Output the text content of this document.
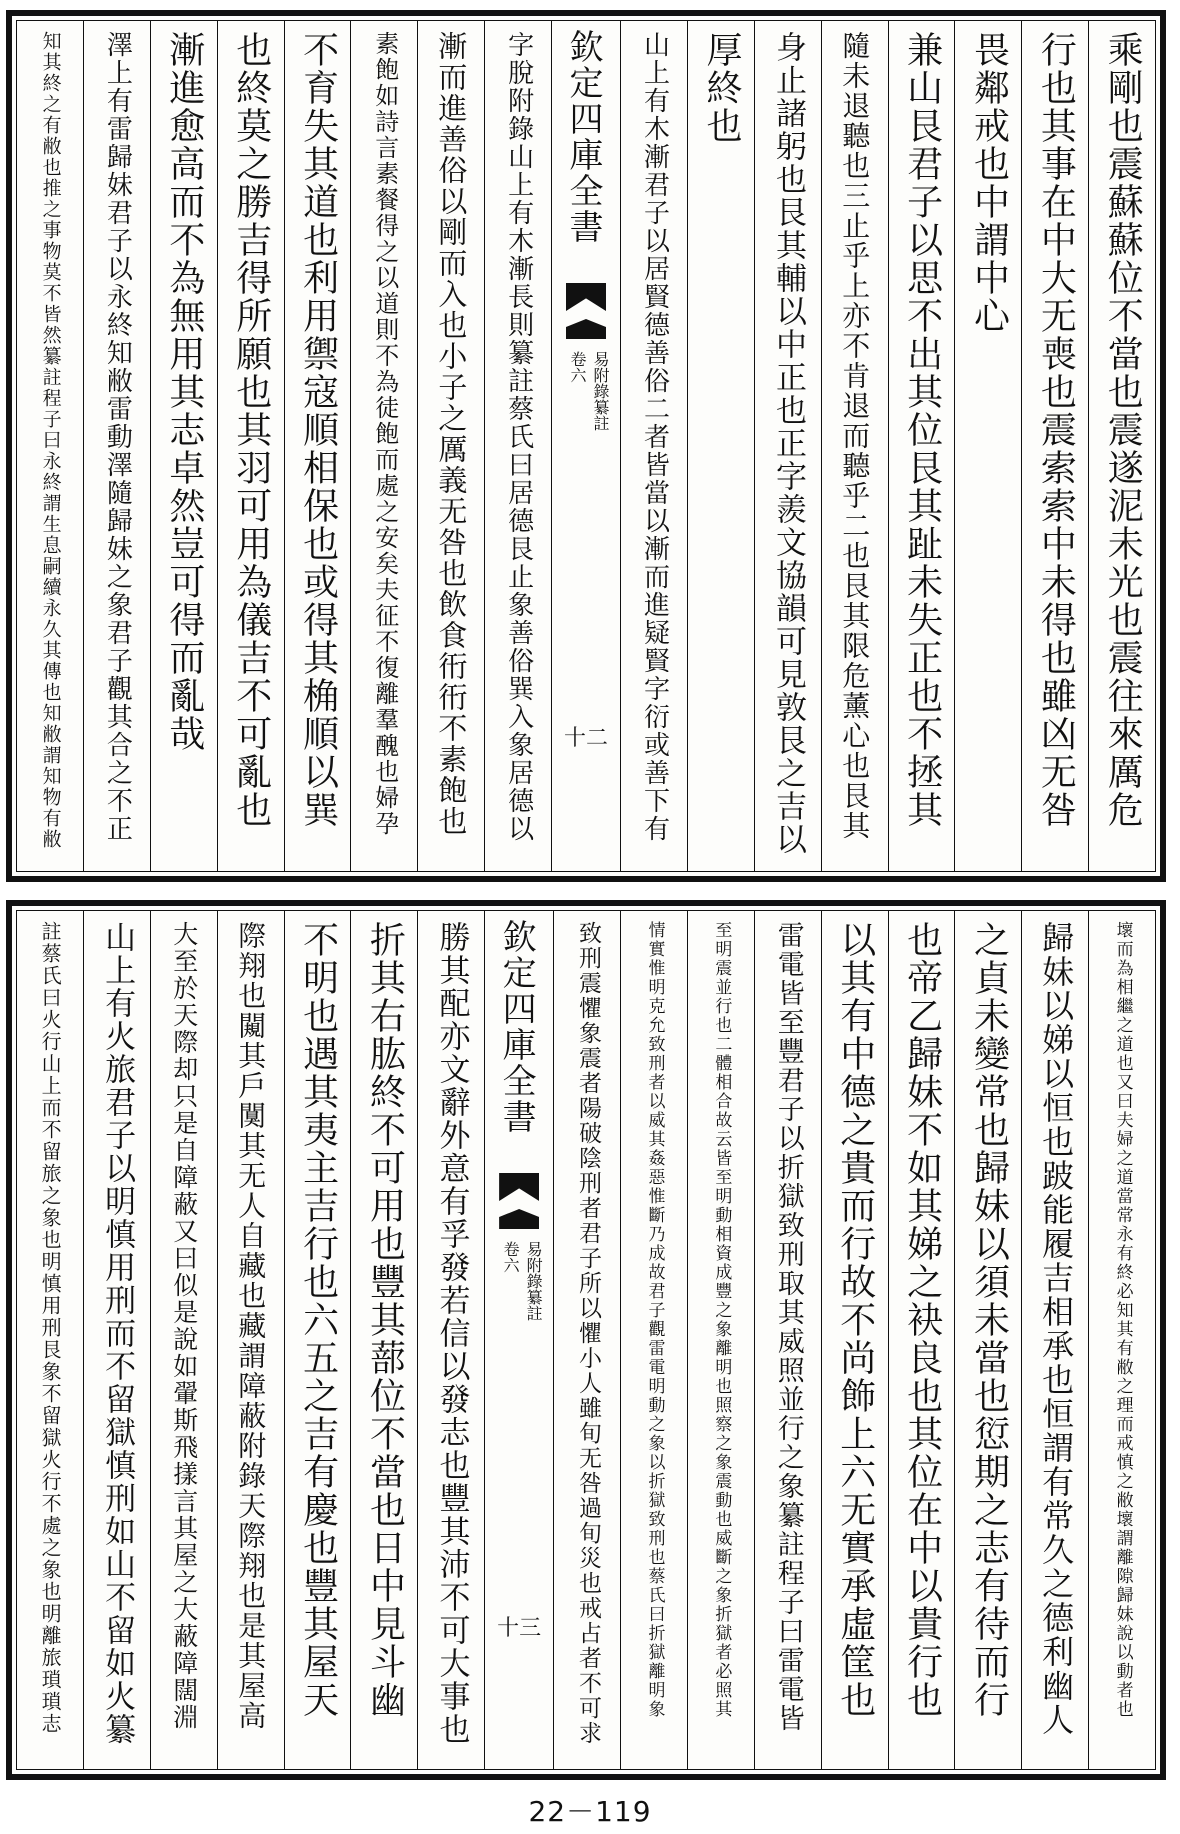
乘剛也震蘇蘇位不當也震遂泥未光也震往來厲危
行也其事在中大无喪也震索索中未得也雖凶无咎
畏鄰戒也中謂中心
兼山艮君子以思不出其位艮其趾未失正也不拯其
隨未退聽也三止乎上亦不肯退而聽乎二也艮其限危薰心也艮其
身止諸躬也艮其輔以中正也正字羨文協韻可見敦艮之吉以
厚終也
山上有木漸君子以居賢德善俗二者皆當以漸而進疑賢字衍或善下有
欽定四庫全書
易附錄纂註
卷六
十二
字脫附錄山上有木漸長則纂註蔡氏曰居德艮止象善俗巽入象居德以
漸而進善俗以剛而入也小子之厲義无咎也飲食衎衎不素飽也
素飽如詩言素餐得之以道則不為徒飽而處之安矣夫征不復離羣醜也婦孕
不育失其道也利用禦寇順相保也或得其桷順以巽
也終莫之勝吉得所願也其羽可用為儀吉不可亂也
漸進愈高而不為無用其志卓然豈可得而亂哉
澤上有雷歸妹君子以永終知敝雷動澤隨歸妹之象君子觀其合之不正
知其終之有敝也推之事物莫不皆然纂註程子曰永終謂生息嗣續永久其傳也知敝謂知物有敝
壞而為相繼之道也又曰夫婦之道當常永有終必知其有敝之理而戒慎之敝壞謂離隙歸妹說以動者也
歸妹以娣以恒也跛能履吉相承也恒謂有常久之德利幽人
之貞未變常也歸妹以須未當也愆期之志有待而行
也帝乙歸妹不如其娣之袂良也其位在中以貴行也
以其有中德之貴而行故不尚飾上六无實承虛筐也
雷電皆至豐君子以折獄致刑取其威照並行之象纂註程子曰雷電皆
至明震並行也二體相合故云皆至明動相資成豐之象離明也照察之象震動也威斷之象折獄者必照其
情實惟明克允致刑者以威其姦惡惟斷乃成故君子觀雷電明動之象以折獄致刑也蔡氏曰折獄離明象
致刑震懼象震者陽破陰刑者君子所以懼小人雖旬无咎過旬災也戒占者不可求
欽定四庫全書
易附錄纂註
卷六
十三
勝其配亦文辭外意有孚發若信以發志也豐其沛不可大事也
折其右肱終不可用也豐其蔀位不當也日中見斗幽
不明也遇其夷主吉行也六五之吉有慶也豐其屋天
際翔也闚其戶闃其无人自藏也藏謂障蔽附錄天際翔也是其屋高
大至於天際却只是自障蔽又曰似是說如翬斯飛㨾言其屋之大蔽障闊淵
山上有火旅君子以明慎用刑而不留獄慎刑如山不留如火纂
註蔡氏曰火行山上而不留旅之象也明慎用刑艮象不留獄火行不處之象也明離旅瑣瑣志
22－119
